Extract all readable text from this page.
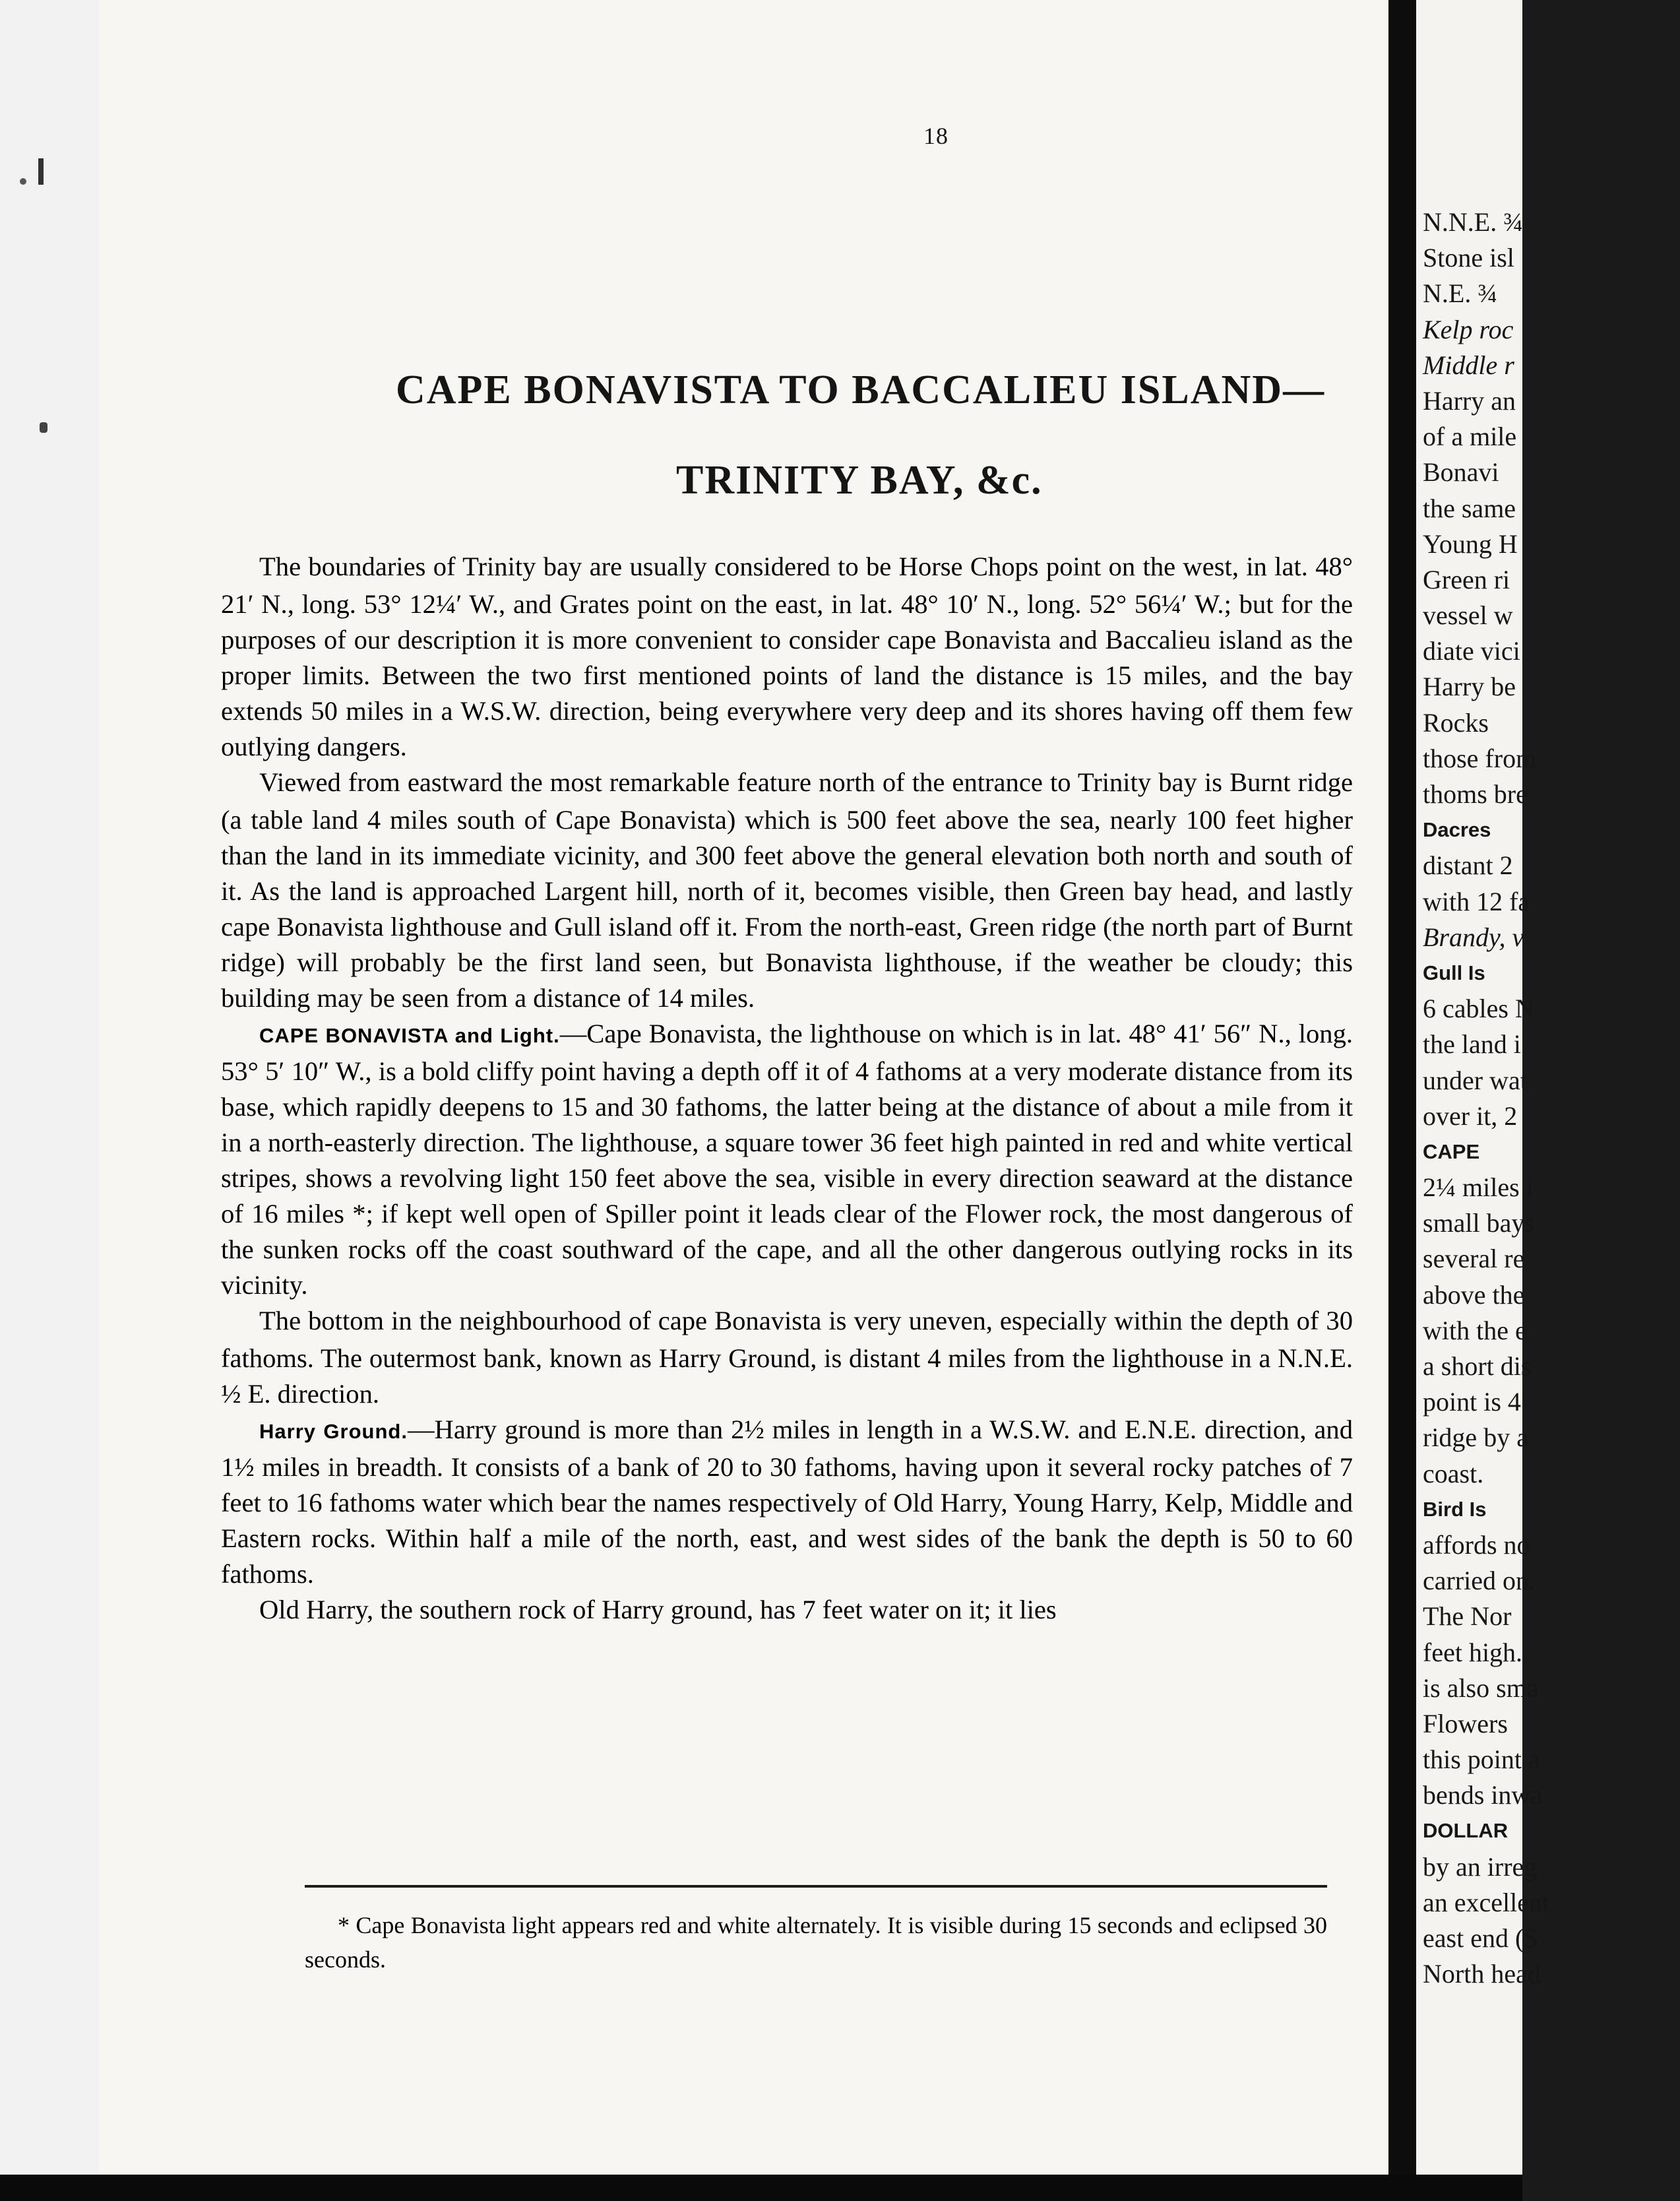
18
CAPE BONAVISTA TO BACCALIEU ISLAND—
TRINITY BAY, &c.

The boundaries of Trinity bay are usually considered to be Horse Chops point on the west, in lat. 48° 21′ N., long. 53° 12¼′ W., and Grates point on the east, in lat. 48° 10′ N., long. 52° 56¼′ W.; but for the purposes of our description it is more convenient to consider cape Bonavista and Baccalieu island as the proper limits. Between the two first mentioned points of land the distance is 15 miles, and the bay extends 50 miles in a W.S.W. direction, being everywhere very deep and its shores having off them few outlying dangers.

Viewed from eastward the most remarkable feature north of the entrance to Trinity bay is Burnt ridge (a table land 4 miles south of Cape Bonavista) which is 500 feet above the sea, nearly 100 feet higher than the land in its immediate vicinity, and 300 feet above the general elevation both north and south of it. As the land is approached Largent hill, north of it, becomes visible, then Green bay head, and lastly cape Bonavista lighthouse and Gull island off it. From the north-east, Green ridge (the north part of Burnt ridge) will probably be the first land seen, but Bonavista lighthouse, if the weather be cloudy; this building may be seen from a distance of 14 miles.

CAPE BONAVISTA and Light.—Cape Bonavista, the lighthouse on which is in lat. 48° 41′ 56″ N., long. 53° 5′ 10″ W., is a bold cliffy point having a depth off it of 4 fathoms at a very moderate distance from its base, which rapidly deepens to 15 and 30 fathoms, the latter being at the distance of about a mile from it in a north-easterly direction. The lighthouse, a square tower 36 feet high painted in red and white vertical stripes, shows a revolving light 150 feet above the sea, visible in every direction seaward at the distance of 16 miles *; if kept well open of Spiller point it leads clear of the Flower rock, the most dangerous of the sunken rocks off the coast southward of the cape, and all the other dangerous outlying rocks in its vicinity.

The bottom in the neighbourhood of cape Bonavista is very uneven, especially within the depth of 30 fathoms. The outermost bank, known as Harry Ground, is distant 4 miles from the lighthouse in a N.N.E. ½ E. direction.

Harry Ground.—Harry ground is more than 2½ miles in length in a W.S.W. and E.N.E. direction, and 1½ miles in breadth. It consists of a bank of 20 to 30 fathoms, having upon it several rocky patches of 7 feet to 16 fathoms water which bear the names respectively of Old Harry, Young Harry, Kelp, Middle and Eastern rocks. Within half a mile of the north, east, and west sides of the bank the depth is 50 to 60 fathoms.

Old Harry, the southern rock of Harry ground, has 7 feet water on it; it lies

* Cape Bonavista light appears red and white alternately. It is visible during 15 seconds and eclipsed 30 seconds.

N.N.E. ¾
Stone isl
N.E. ¾
Kelp roc
Middle r
Harry an
of a mile
Bonavi
the same
Young H
Green ri
vessel w
diate vici
Harry be
Rocks
those from
thoms bre
Dacres
distant 2
with 12 fa
Brandy, v
Gull Is
6 cables N
the land i
under wat
over it, 2
CAPE
2¼ miles i
small bays
several re
above the
with the e
a short dis
point is 4
ridge by a
coast.
Bird Is
affords no
carried on.
The Nor
feet high.
is also sma
Flowers
this point a
bends inwa
DOLLAR
by an irreg
an excellent
east end (S
North head
